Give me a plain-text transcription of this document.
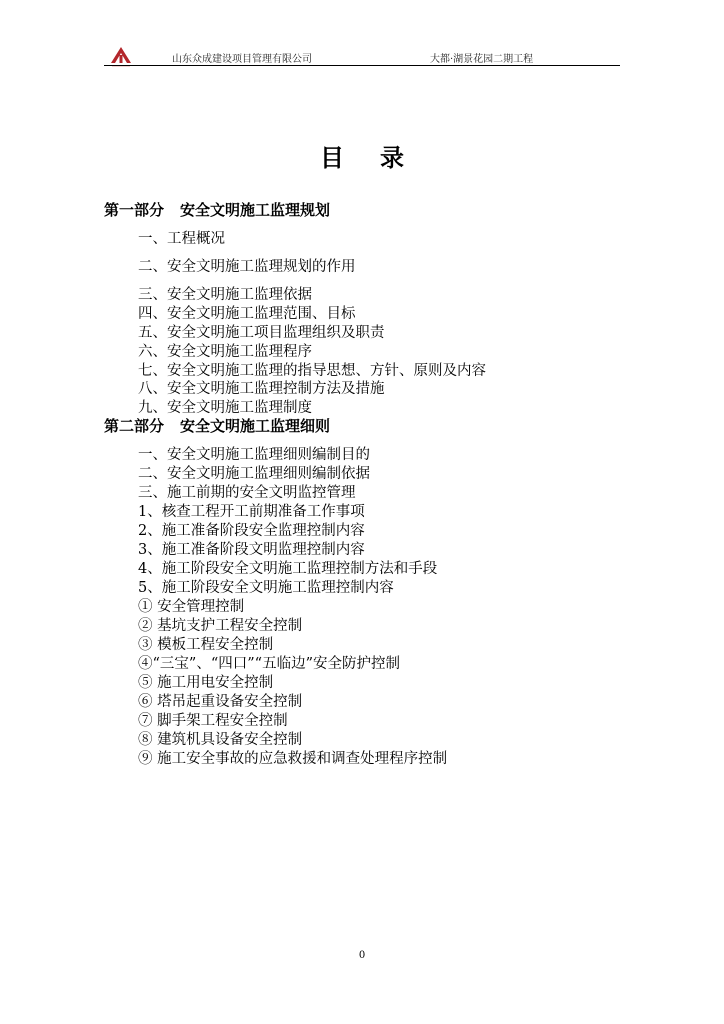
山东众成建设项目管理有限公司	大都·湖景花园二期工程
目录
第一部分 安全文明施工监理规划
一、工程概况
二、安全文明施工监理规划的作用
三、安全文明施工监理依据
四、安全文明施工监理范围、目标
五、安全文明施工项目监理组织及职责
六、安全文明施工监理程序
七、安全文明施工监理的指导思想、方针、原则及内容
八、安全文明施工监理控制方法及措施
九、安全文明施工监理制度
第二部分 安全文明施工监理细则
一、安全文明施工监理细则编制目的
二、安全文明施工监理细则编制依据
三、施工前期的安全文明监控管理
1、核查工程开工前期准备工作事项
2、施工准备阶段安全监理控制内容
3、施工准备阶段文明监理控制内容
4、施工阶段安全文明施工监理控制方法和手段
5、施工阶段安全文明施工监理控制内容
① 安全管理控制
② 基坑支护工程安全控制
③ 模板工程安全控制
④“三宝”、“四口”“五临边”安全防护控制
⑤ 施工用电安全控制
⑥ 塔吊起重设备安全控制
⑦ 脚手架工程安全控制
⑧ 建筑机具设备安全控制
⑨ 施工安全事故的应急救援和调查处理程序控制
0
